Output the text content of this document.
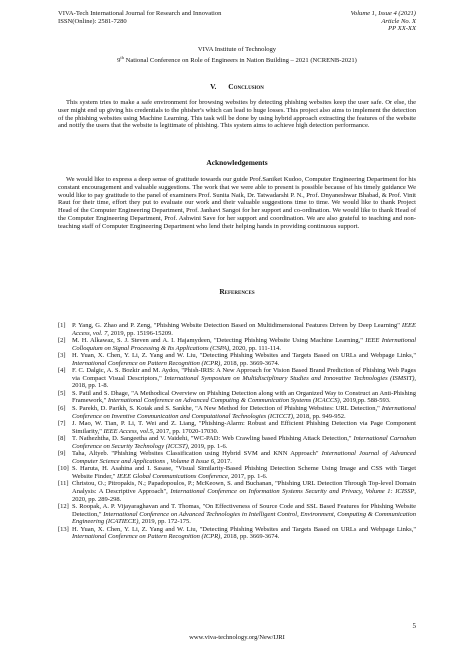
VIVA-Tech International Journal for Research and Innovation
ISSN(Online): 2581-7280
Volume 1, Issue 4 (2021)
Article No. X
PP XX-XX
VIVA Institute of Technology
9th National Conference on Role of Engineers in Nation Building – 2021 (NCRENB-2021)
V. Conclusion

This system tries to make a safe environment for browsing websites by detecting phishing websites keep the user safe. Or else, the user might end up giving his credentials to the phisher's which can lead to huge losses. This project also aims to implement the detection of the phishing websites using Machine Learning. This task will be done by using hybrid approach extracting the features of the website and notify the users that the website is legitimate of phishing. This system aims to achieve high detection performance.

Acknowledgements

We would like to express a deep sense of gratitude towards our guide Prof.Saniket Kudoo, Computer Engineering Department for his constant encouragement and valuable suggestions. The work that we were able to present is possible because of his timely guidance We would like to pay gratitude to the panel of examiners Prof. Sunita Naik, Dr. Tatwadarshi P. N., Prof. Dnyaneshwar Bhabad, & Prof. Vinit Raut for their time, effort they put to evaluate our work and their valuable suggestions time to time. We would like to thank Project Head of the Computer Engineering Department, Prof. Janhavi Sangoi for her support and co-ordination. We would like to thank Head of the Computer Engineering Department, Prof. Ashwini Save for her support and coordination. We are also grateful to teaching and non-teaching staff of Computer Engineering Department who lend their helping hands in providing continuous support.

References
[1] P. Yang, G. Zhao and P. Zeng, "Phishing Website Detection Based on Multidimensional Features Driven by Deep Learning" IEEE Access, vol. 7, 2019, pp. 15196-15209.
[2] M. H. Alkawaz, S. J. Steven and A. I. Hajamydeen, "Detecting Phishing Website Using Machine Learning," IEEE International Colloquium on Signal Processing & Its Applications (CSPA), 2020, pp. 111-114.
[3] H. Yuan, X. Chen, Y. Li, Z. Yang and W. Liu, "Detecting Phishing Websites and Targets Based on URLs and Webpage Links," International Conference on Pattern Recognition (ICPR), 2018, pp. 3669-3674.
[4] F. C. Dalgic, A. S. Bozkir and M. Aydos, "Phish-IRIS: A New Approach for Vision Based Brand Prediction of Phishing Web Pages via Compact Visual Descriptors," International Symposium on Multidisciplinary Studies and Innovative Technologies (ISMSIT), 2018, pp. 1-8.
[5] S. Patil and S. Dhage, "A Methodical Overview on Phishing Detection along with an Organized Way to Construct an Anti-Phishing Framework," International Conference on Advanced Computing & Communication Systems (ICACCS), 2019,pp. 588-593.
[6] S. Parekh, D. Parikh, S. Kotak and S. Sankhe, "A New Method for Detection of Phishing Websites: URL Detection," International Conference on Inventive Communication and Computational Technologies (ICICCT), 2018, pp. 949-952.
[7] J. Mao, W. Tian, P. Li, T. Wei and Z. Liang, "Phishing-Alarm: Robust and Efficient Phishing Detection via Page Component Similarity," IEEE Access, vol.5, 2017, pp. 17020-17030.
[8] T. Nathezhtha, D. Sangeetha and V. Vaidehi, "WC-PAD: Web Crawling based Phishing Attack Detection," International Carnahan Conference on Security Technology (ICCST), 2019, pp. 1-6.
[9] Taha, Altyeb. "Phishing Websites Classification using Hybrid SVM and KNN Approach" International Journal of Advanced Computer Science and Applications , Volume 8 Issue 6, 2017.
[10] S. Haruta, H. Asahina and I. Sasase, "Visual Similarity-Based Phishing Detection Scheme Using Image and CSS with Target Website Finder," IEEE Global Communications Conference, 2017, pp. 1-6.
[11] Christou, O.; Pitropakis, N.; Papadopoulos, P.; McKeown, S. and Buchanan, "Phishing URL Detection Through Top-level Domain Analysis: A Descriptive Approach", International Conference on Information Systems Security and Privacy, Volume 1: ICISSP, 2020, pp. 289-298.
[12] S. Roopak, A. P. Vijayaraghavan and T. Thomas, "On Effectiveness of Source Code and SSL Based Features for Phishing Website Detection," International Conference on Advanced Technologies in Intelligent Control, Environment, Computing & Communication Engineering (ICATIECE), 2019, pp. 172-175.
[13] H. Yuan, X. Chen, Y. Li, Z. Yang and W. Liu, "Detecting Phishing Websites and Targets Based on URLs and Webpage Links," International Conference on Pattern Recognition (ICPR), 2018, pp. 3669-3674.
5
www.viva-technology.org/New/IJRI
